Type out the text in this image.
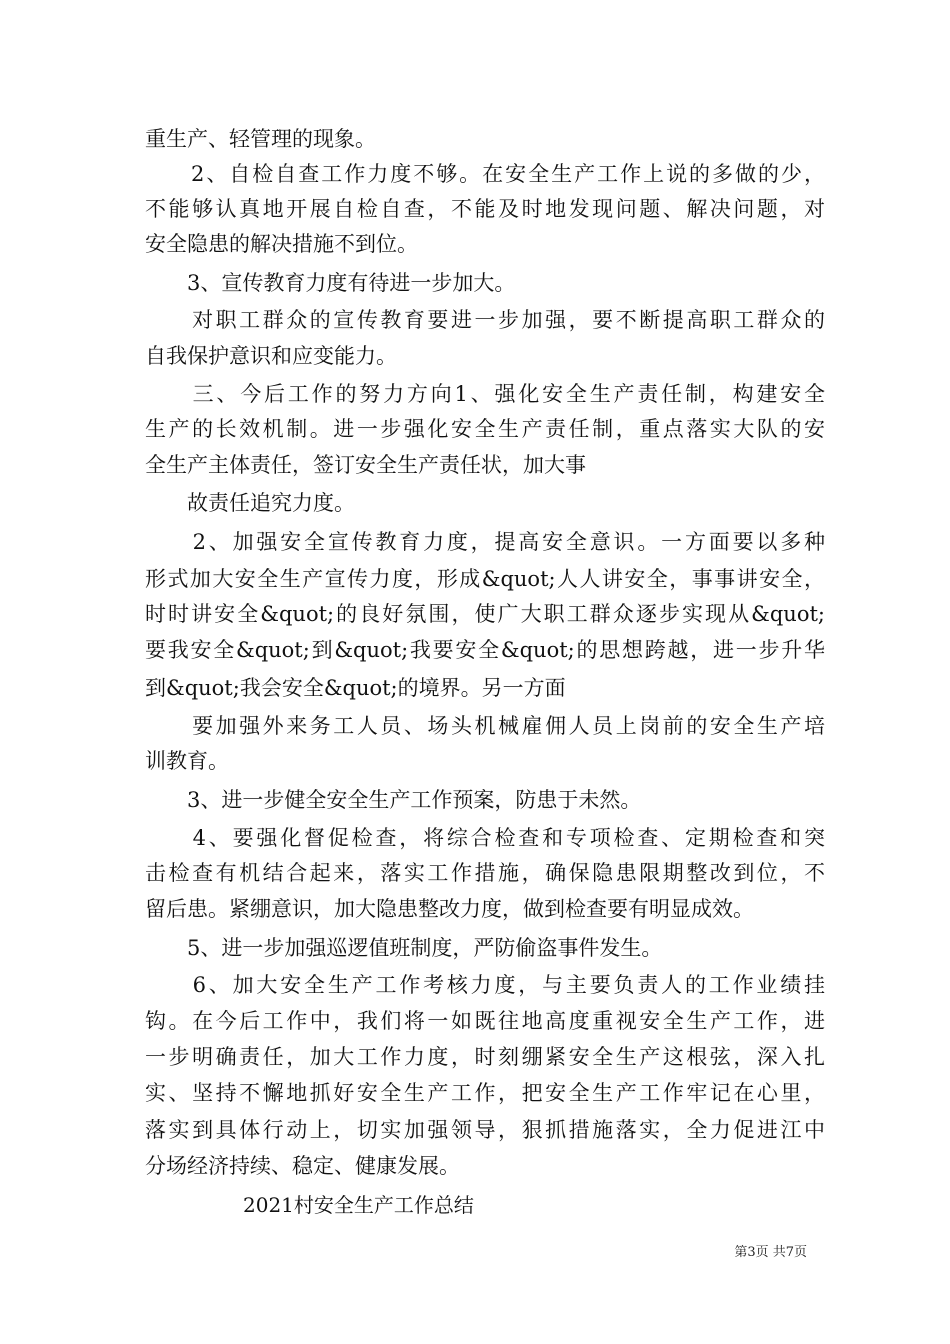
重生产、轻管理的现象。
　　2、自检自查工作力度不够。在安全生产工作上说的多做的少，
不能够认真地开展自检自查，不能及时地发现问题、解决问题，对
安全隐患的解决措施不到位。
　　3、宣传教育力度有待进一步加大。
　　对职工群众的宣传教育要进一步加强，要不断提高职工群众的
自我保护意识和应变能力。
　　三、今后工作的努力方向1、强化安全生产责任制，构建安全
生产的长效机制。进一步强化安全生产责任制，重点落实大队的安
全生产主体责任，签订安全生产责任状，加大事
　　故责任追究力度。
　　2、加强安全宣传教育力度，提高安全意识。一方面要以多种
形式加大安全生产宣传力度，形成&quot;人人讲安全，事事讲安全，
时时讲安全&quot;的良好氛围，使广大职工群众逐步实现从&quot;
要我安全&quot;到&quot;我要安全&quot;的思想跨越，进一步升华
到&quot;我会安全&quot;的境界。另一方面
　　要加强外来务工人员、场头机械雇佣人员上岗前的安全生产培
训教育。
　　3、进一步健全安全生产工作预案，防患于未然。
　　4、要强化督促检查，将综合检查和专项检查、定期检查和突
击检查有机结合起来，落实工作措施，确保隐患限期整改到位，不
留后患。紧绷意识，加大隐患整改力度，做到检查要有明显成效。
　　5、进一步加强巡逻值班制度，严防偷盗事件发生。
　　6、加大安全生产工作考核力度，与主要负责人的工作业绩挂
钩。在今后工作中，我们将一如既往地高度重视安全生产工作，进
一步明确责任，加大工作力度，时刻绷紧安全生产这根弦，深入扎
实、坚持不懈地抓好安全生产工作，把安全生产工作牢记在心里，
落实到具体行动上，切实加强领导，狠抓措施落实，全力促进江中
分场经济持续、稳定、健康发展。
2021村安全生产工作总结
第3页 共7页
